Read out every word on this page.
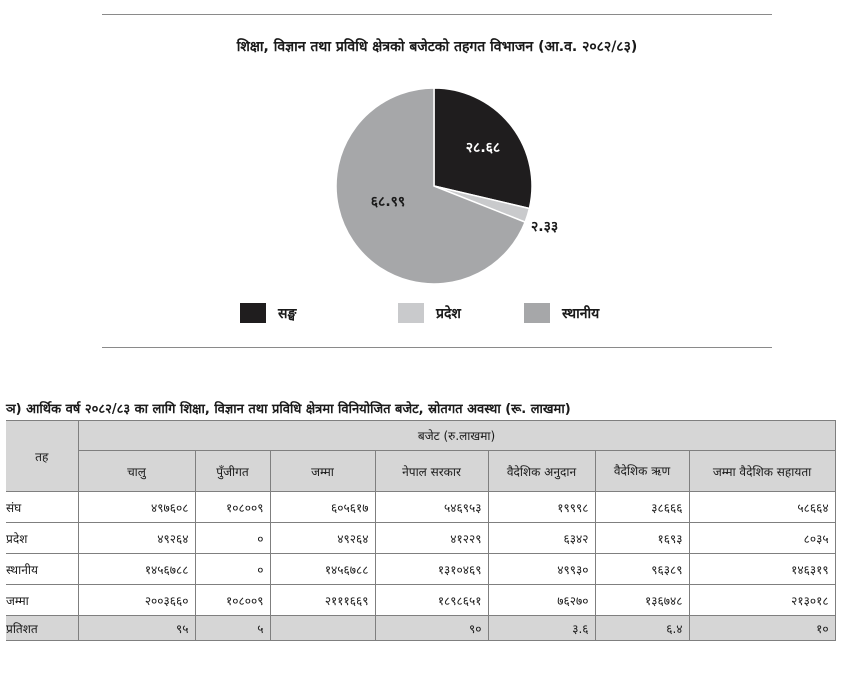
शिक्षा, विज्ञान तथा प्रविधि क्षेत्रको बजेटको तहगत विभाजन (आ.व. २०८२/८३)
२८.६८
२.३३
६८.९९
सङ्घ	प्रदेश	स्थानीय
ञ) आर्थिक वर्ष २०८२/८३ का लागि शिक्षा, विज्ञान तथा प्रविधि क्षेत्रमा विनियोजित बजेट, स्रोतगत अवस्था (रू. लाखमा)
तह	बजेट (रु.लाखमा)						
	चालु	पुँजीगत	जम्मा	नेपाल सरकार	वैदेशिक अनुदान	वैदेशिक ऋण	जम्मा वैदेशिक सहायता
संघ	४९७६०८	१०८००९	६०५६१७	५४६९५३	१९९९८	३८६६६	५८६६४
प्रदेश	४९२६४	०	४९२६४	४१२२९	६३४२	१६९३	८०३५
स्थानीय	१४५६७८८	०	१४५६७८८	१३१०४६९	४९९३०	९६३८९	१४६३१९
जम्मा	२००३६६०	१०८००९	२१११६६९	१८९८६५१	७६२७०	१३६७४८	२१३०१८
प्रतिशत	९५	५		९०	३.६	६.४	१०
